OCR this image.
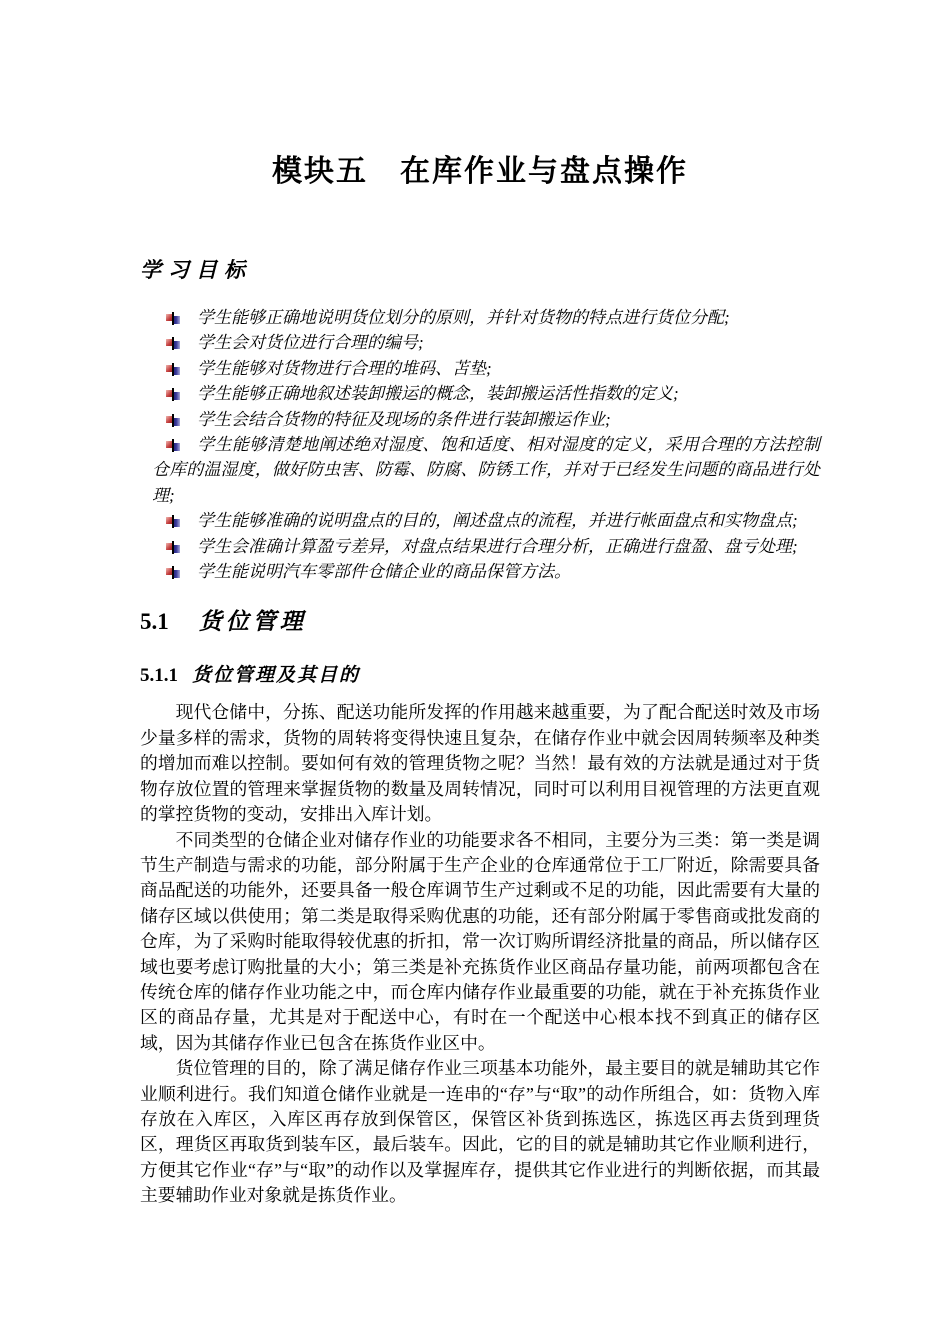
模块五　在库作业与盘点操作
学习目标
学生能够正确地说明货位划分的原则，并针对货物的特点进行货位分配;
学生会对货位进行合理的编号;
学生能够对货物进行合理的堆码、苫垫;
学生能够正确地叙述装卸搬运的概念，装卸搬运活性指数的定义;
学生会结合货物的特征及现场的条件进行装卸搬运作业;
学生能够清楚地阐述绝对湿度、饱和适度、相对湿度的定义，采用合理的方法控制仓库的温湿度，做好防虫害、防霉、防腐、防锈工作，并对于已经发生问题的商品进行处理;
学生能够准确的说明盘点的目的，阐述盘点的流程，并进行帐面盘点和实物盘点;
学生会准确计算盈亏差异，对盘点结果进行合理分析，正确进行盘盈、盘亏处理;
学生能说明汽车零部件仓储企业的商品保管方法。
5.1 货位管理
5.1.1 货位管理及其目的

现代仓储中，分拣、配送功能所发挥的作用越来越重要，为了配合配送时效及市场少量多样的需求，货物的周转将变得快速且复杂，在储存作业中就会因周转频率及种类的增加而难以控制。要如何有效的管理货物之呢？当然！最有效的方法就是通过对于货物存放位置的管理来掌握货物的数量及周转情况，同时可以利用目视管理的方法更直观的掌控货物的变动，安排出入库计划。

不同类型的仓储企业对储存作业的功能要求各不相同，主要分为三类：第一类是调节生产制造与需求的功能，部分附属于生产企业的仓库通常位于工厂附近，除需要具备商品配送的功能外，还要具备一般仓库调节生产过剩或不足的功能，因此需要有大量的储存区域以供使用；第二类是取得采购优惠的功能，还有部分附属于零售商或批发商的仓库，为了采购时能取得较优惠的折扣，常一次订购所谓经济批量的商品，所以储存区域也要考虑订购批量的大小；第三类是补充拣货作业区商品存量功能，前两项都包含在传统仓库的储存作业功能之中，而仓库内储存作业最重要的功能，就在于补充拣货作业区的商品存量，尤其是对于配送中心，有时在一个配送中心根本找不到真正的储存区域，因为其储存作业已包含在拣货作业区中。

货位管理的目的，除了满足储存作业三项基本功能外，最主要目的就是辅助其它作业顺利进行。我们知道仓储作业就是一连串的“存”与“取”的动作所组合，如：货物入库存放在入库区，入库区再存放到保管区，保管区补货到拣选区，拣选区再去货到理货区，理货区再取货到装车区，最后装车。因此，它的目的就是辅助其它作业顺利进行，方便其它作业“存”与“取”的动作以及掌握库存，提供其它作业进行的判断依据，而其最主要辅助作业对象就是拣货作业。
